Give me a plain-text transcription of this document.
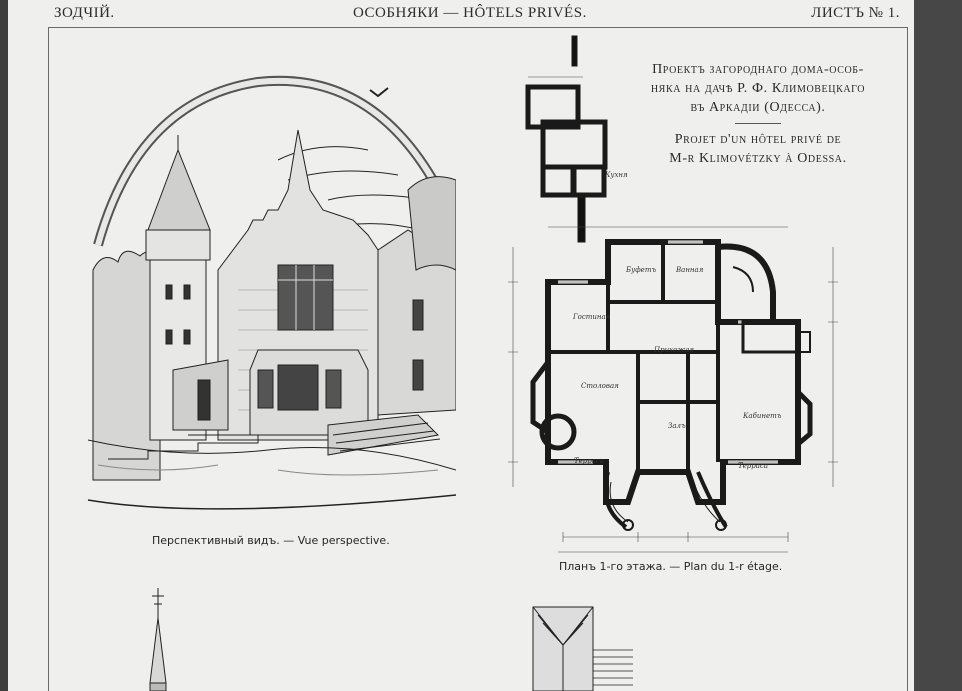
ЗОДЧІЙ.	ОСОБНЯКИ — HÔTELS PRIVÉS.	ЛИСТЪ № 1.
Перспективный видъ. — Vue perspective.
Проектъ загороднаго дома-особ-
няка на дачѣ Р. Ф. Климовецкаго
въ Аркадіи (Одесса).
Projet d'un hôtel privé de
M-r Klimovétzky à Odessa.
Кухня
Буфетъ	Ванная
Гостиная
Прихожая
Столовая
Залъ
Кабинетъ
Терраса
Терраса
Планъ 1-го этажа. — Plan du 1-r étage.
